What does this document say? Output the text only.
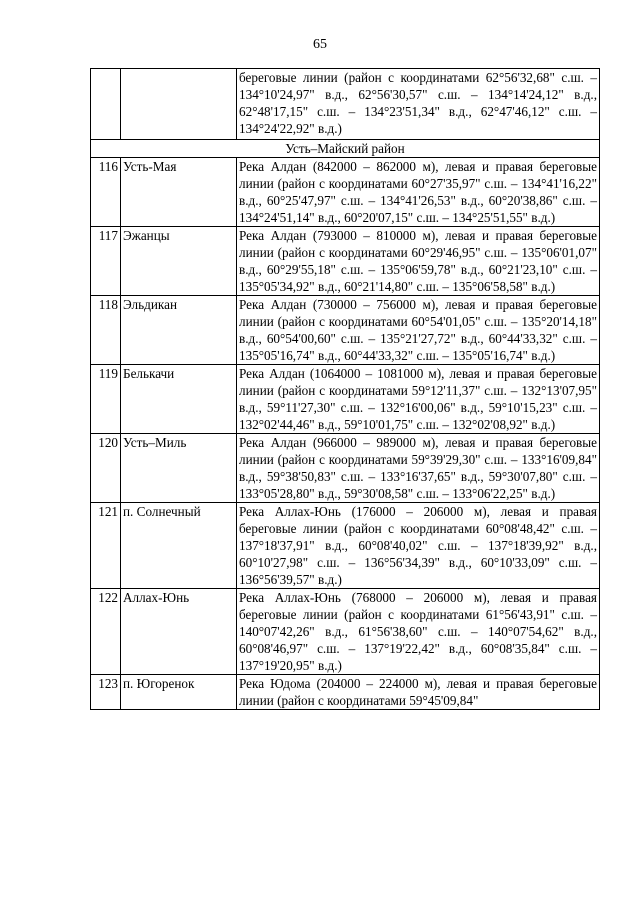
65
		береговые линии (район с координатами 62°56'32,68" с.ш. – 134°10'24,97" в.д., 62°56'30,57" с.ш. – 134°14'24,12" в.д., 62°48'17,15" с.ш. – 134°23'51,34" в.д., 62°47'46,12" с.ш. – 134°24'22,92" в.д.)
Усть–Майский район		
116	Усть-Мая	Река Алдан (842000 – 862000 м), левая и правая береговые линии (район с координатами 60°27'35,97" с.ш. – 134°41'16,22" в.д., 60°25'47,97" с.ш. – 134°41'26,53" в.д., 60°20'38,86" с.ш. – 134°24'51,14" в.д., 60°20'07,15" с.ш. – 134°25'51,55" в.д.)
117	Эжанцы	Река Алдан (793000 – 810000 м), левая и правая береговые линии (район с координатами 60°29'46,95" с.ш. – 135°06'01,07" в.д., 60°29'55,18" с.ш. – 135°06'59,78" в.д., 60°21'23,10" с.ш. – 135°05'34,92" в.д., 60°21'14,80" с.ш. – 135°06'58,58" в.д.)
118	Эльдикан	Река Алдан (730000 – 756000 м), левая и правая береговые линии (район с координатами 60°54'01,05" с.ш. – 135°20'14,18" в.д., 60°54'00,60" с.ш. – 135°21'27,72" в.д., 60°44'33,32" с.ш. – 135°05'16,74" в.д., 60°44'33,32" с.ш. – 135°05'16,74" в.д.)
119	Белькачи	Река Алдан (1064000 – 1081000 м), левая и правая береговые линии (район с координатами 59°12'11,37" с.ш. – 132°13'07,95" в.д., 59°11'27,30" с.ш. – 132°16'00,06" в.д., 59°10'15,23" с.ш. – 132°02'44,46" в.д., 59°10'01,75" с.ш. – 132°02'08,92" в.д.)
120	Усть–Миль	Река Алдан (966000 – 989000 м), левая и правая береговые линии (район с координатами 59°39'29,30" с.ш. – 133°16'09,84" в.д., 59°38'50,83" с.ш. – 133°16'37,65" в.д., 59°30'07,80" с.ш. – 133°05'28,80" в.д., 59°30'08,58" с.ш. – 133°06'22,25" в.д.)
121	п. Солнечный	Река Аллах-Юнь (176000 – 206000 м), левая и правая береговые линии (район с координатами 60°08'48,42" с.ш. – 137°18'37,91" в.д., 60°08'40,02" с.ш. – 137°18'39,92" в.д., 60°10'27,98" с.ш. – 136°56'34,39" в.д., 60°10'33,09" с.ш. – 136°56'39,57" в.д.)
122	Аллах-Юнь	Река Аллах-Юнь (768000 – 206000 м), левая и правая береговые линии (район с координатами 61°56'43,91" с.ш. – 140°07'42,26" в.д., 61°56'38,60" с.ш. – 140°07'54,62" в.д., 60°08'46,97" с.ш. – 137°19'22,42" в.д., 60°08'35,84" с.ш. – 137°19'20,95" в.д.)
123	п. Югоренок	Река Юдома (204000 – 224000 м), левая и правая береговые линии (район с координатами 59°45'09,84"
